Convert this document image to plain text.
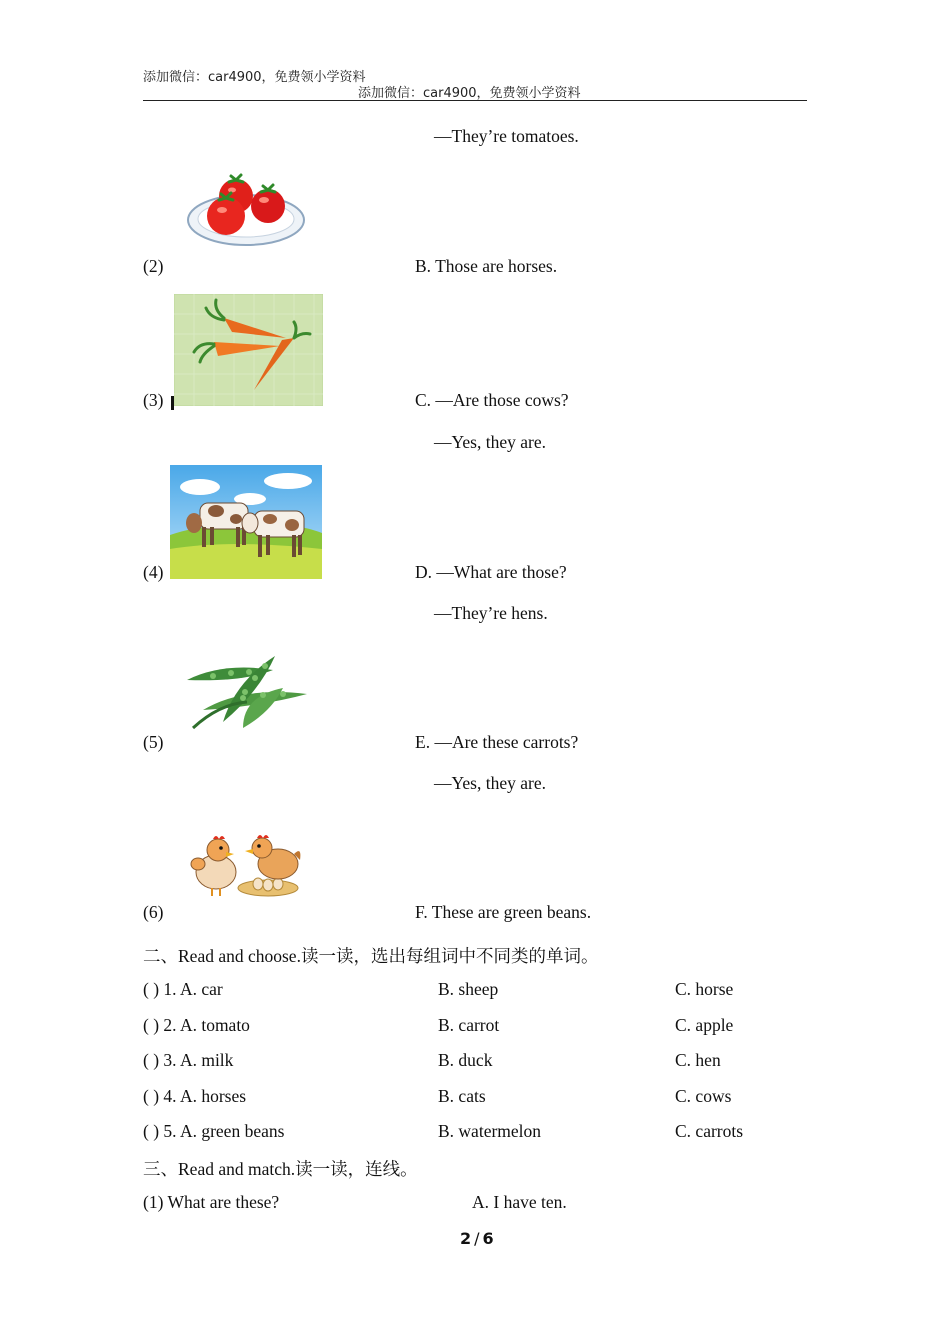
添加微信：car4900，免费领小学资料
添加微信：car4900，免费领小学资料
—They’re tomatoes.
(2)	B. Those are horses.
(3)	C. —Are those cows?
—Yes, they are.
(4)	D. —What are those?
—They’re hens.
(5)	E. —Are these carrots?
—Yes, they are.
(6)	F. These are green beans.
二、Read and choose.读一读，选出每组词中不同类的单词。
( ) 1. A. car	B. sheep	C. horse
( ) 2. A. tomato	B. carrot	C. apple
( ) 3. A. milk	B. duck	C. hen
( ) 4. A. horses	B. cats	C. cows
( ) 5. A. green beans	B. watermelon	C. carrots
三、Read and match.读一读，连线。
(1) What are these?	A. I have ten.
2 / 6
